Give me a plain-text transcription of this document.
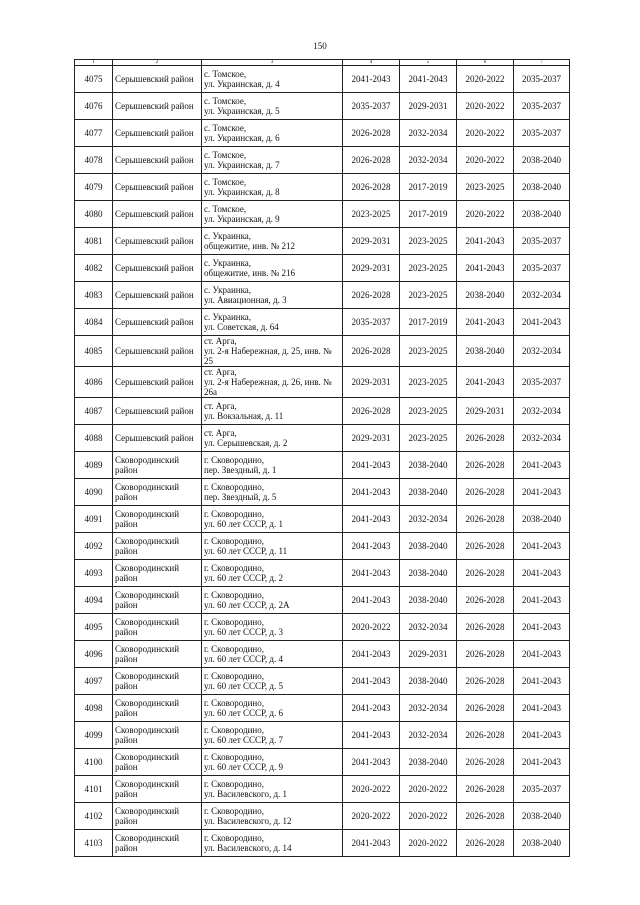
150
1	2	3	4	5	6	7
4075	Серышевский район	с. Томское,
ул. Украинская, д. 4	2041-2043	2041-2043	2020-2022	2035-2037
4076	Серышевский район	с. Томское,
ул. Украинская, д. 5	2035-2037	2029-2031	2020-2022	2035-2037
4077	Серышевский район	с. Томское,
ул. Украинская, д. 6	2026-2028	2032-2034	2020-2022	2035-2037
4078	Серышевский район	с. Томское,
ул. Украинская, д. 7	2026-2028	2032-2034	2020-2022	2038-2040
4079	Серышевский район	с. Томское,
ул. Украинская, д. 8	2026-2028	2017-2019	2023-2025	2038-2040
4080	Серышевский район	с. Томское,
ул. Украинская, д. 9	2023-2025	2017-2019	2020-2022	2038-2040
4081	Серышевский район	с. Украинка,
общежитие, инв. № 212	2029-2031	2023-2025	2041-2043	2035-2037
4082	Серышевский район	с. Украинка,
общежитие, инв. № 216	2029-2031	2023-2025	2041-2043	2035-2037
4083	Серышевский район	с. Украинка,
ул. Авиационная, д. 3	2026-2028	2023-2025	2038-2040	2032-2034
4084	Серышевский район	с. Украинка,
ул. Советская, д. 64	2035-2037	2017-2019	2041-2043	2041-2043
4085	Серышевский район	ст. Арга,
ул. 2-я Набережная, д. 25, инв. № 25	2026-2028	2023-2025	2038-2040	2032-2034
4086	Серышевский район	ст. Арга,
ул. 2-я Набережная, д. 26, инв. № 26а	2029-2031	2023-2025	2041-2043	2035-2037
4087	Серышевский район	ст. Арга,
ул. Вокзальная, д. 11	2026-2028	2023-2025	2029-2031	2032-2034
4088	Серышевский район	ст. Арга,
ул. Серышевская, д. 2	2029-2031	2023-2025	2026-2028	2032-2034
4089	Сковородинский район	г. Сковородино,
пер. Звездный, д. 1	2041-2043	2038-2040	2026-2028	2041-2043
4090	Сковородинский район	г. Сковородино,
пер. Звездный, д. 5	2041-2043	2038-2040	2026-2028	2041-2043
4091	Сковородинский район	г. Сковородино,
ул. 60 лет СССР, д. 1	2041-2043	2032-2034	2026-2028	2038-2040
4092	Сковородинский район	г. Сковородино,
ул. 60 лет СССР, д. 11	2041-2043	2038-2040	2026-2028	2041-2043
4093	Сковородинский район	г. Сковородино,
ул. 60 лет СССР, д. 2	2041-2043	2038-2040	2026-2028	2041-2043
4094	Сковородинский район	г. Сковородино,
ул. 60 лет СССР, д. 2А	2041-2043	2038-2040	2026-2028	2041-2043
4095	Сковородинский район	г. Сковородино,
ул. 60 лет СССР, д. 3	2020-2022	2032-2034	2026-2028	2041-2043
4096	Сковородинский район	г. Сковородино,
ул. 60 лет СССР, д. 4	2041-2043	2029-2031	2026-2028	2041-2043
4097	Сковородинский район	г. Сковородино,
ул. 60 лет СССР, д. 5	2041-2043	2038-2040	2026-2028	2041-2043
4098	Сковородинский район	г. Сковородино,
ул. 60 лет СССР, д. 6	2041-2043	2032-2034	2026-2028	2041-2043
4099	Сковородинский район	г. Сковородино,
ул. 60 лет СССР, д. 7	2041-2043	2032-2034	2026-2028	2041-2043
4100	Сковородинский район	г. Сковородино,
ул. 60 лет СССР, д. 9	2041-2043	2038-2040	2026-2028	2041-2043
4101	Сковородинский район	г. Сковородино,
ул. Василевского, д. 1	2020-2022	2020-2022	2026-2028	2035-2037
4102	Сковородинский район	г. Сковородино,
ул. Василевского, д. 12	2020-2022	2020-2022	2026-2028	2038-2040
4103	Сковородинский район	г. Сковородино,
ул. Василевского, д. 14	2041-2043	2020-2022	2026-2028	2038-2040
